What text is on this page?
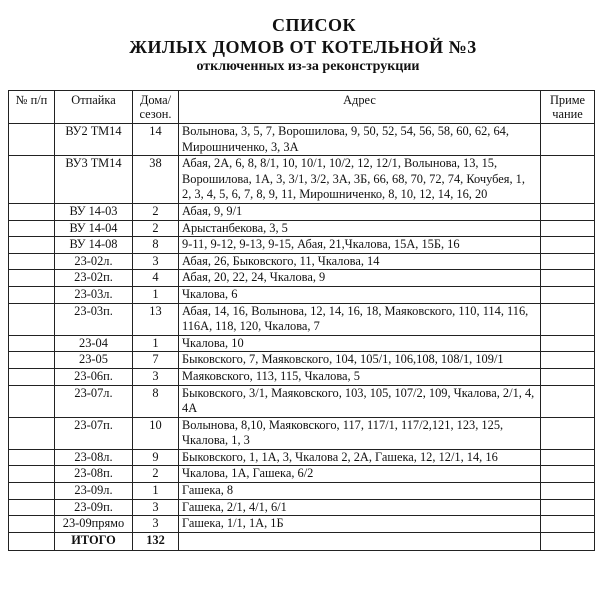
СПИСОК
ЖИЛЫХ ДОМОВ ОТ КОТЕЛЬНОЙ №3
отключенных из-за реконструкции
№ п/п	Отпайка	Дома/ сезон.	Адрес	Приме чание
	ВУ2 ТМ14	14	Волынова, 3, 5, 7, Ворошилова, 9, 50, 52, 54, 56, 58, 60, 62, 64, Мирошниченко, 3, 3А	
	ВУ3 ТМ14	38	Абая, 2А, 6, 8, 8/1, 10, 10/1, 10/2, 12, 12/1, Волынова, 13, 15, Ворошилова, 1А, 3, 3/1, 3/2, 3А, 3Б, 66, 68, 70, 72, 74, Кочубея, 1, 2, 3, 4, 5, 6, 7, 8, 9, 11, Мирошниченко, 8, 10, 12, 14, 16, 20	
	ВУ 14-03	2	Абая, 9, 9/1	
	ВУ 14-04	2	Арыстанбекова, 3, 5	
	ВУ 14-08	8	9-11, 9-12, 9-13, 9-15, Абая, 21,Чкалова, 15А, 15Б, 16	
	23-02л.	3	Абая, 26, Быковского, 11, Чкалова, 14	
	23-02п.	4	Абая, 20, 22, 24, Чкалова, 9	
	23-03л.	1	Чкалова, 6	
	23-03п.	13	Абая, 14, 16, Волынова, 12, 14, 16, 18, Маяковского, 110, 114, 116, 116А, 118, 120, Чкалова, 7	
	23-04	1	Чкалова, 10	
	23-05	7	Быковского, 7, Маяковского, 104, 105/1, 106,108, 108/1, 109/1	
	23-06п.	3	Маяковского, 113, 115, Чкалова, 5	
	23-07л.	8	Быковского, 3/1, Маяковского, 103, 105, 107/2, 109, Чкалова, 2/1, 4, 4А	
	23-07п.	10	Волынова, 8,10, Маяковского, 117, 117/1, 117/2,121, 123, 125, Чкалова, 1, 3	
	23-08л.	9	Быковского, 1, 1А, 3, Чкалова 2, 2А, Гашека, 12, 12/1, 14, 16	
	23-08п.	2	Чкалова, 1А, Гашека, 6/2	
	23-09л.	1	Гашека, 8	
	23-09п.	3	Гашека, 2/1, 4/1, 6/1	
	23-09прямо	3	Гашека, 1/1, 1А, 1Б	
	ИТОГО	132		
